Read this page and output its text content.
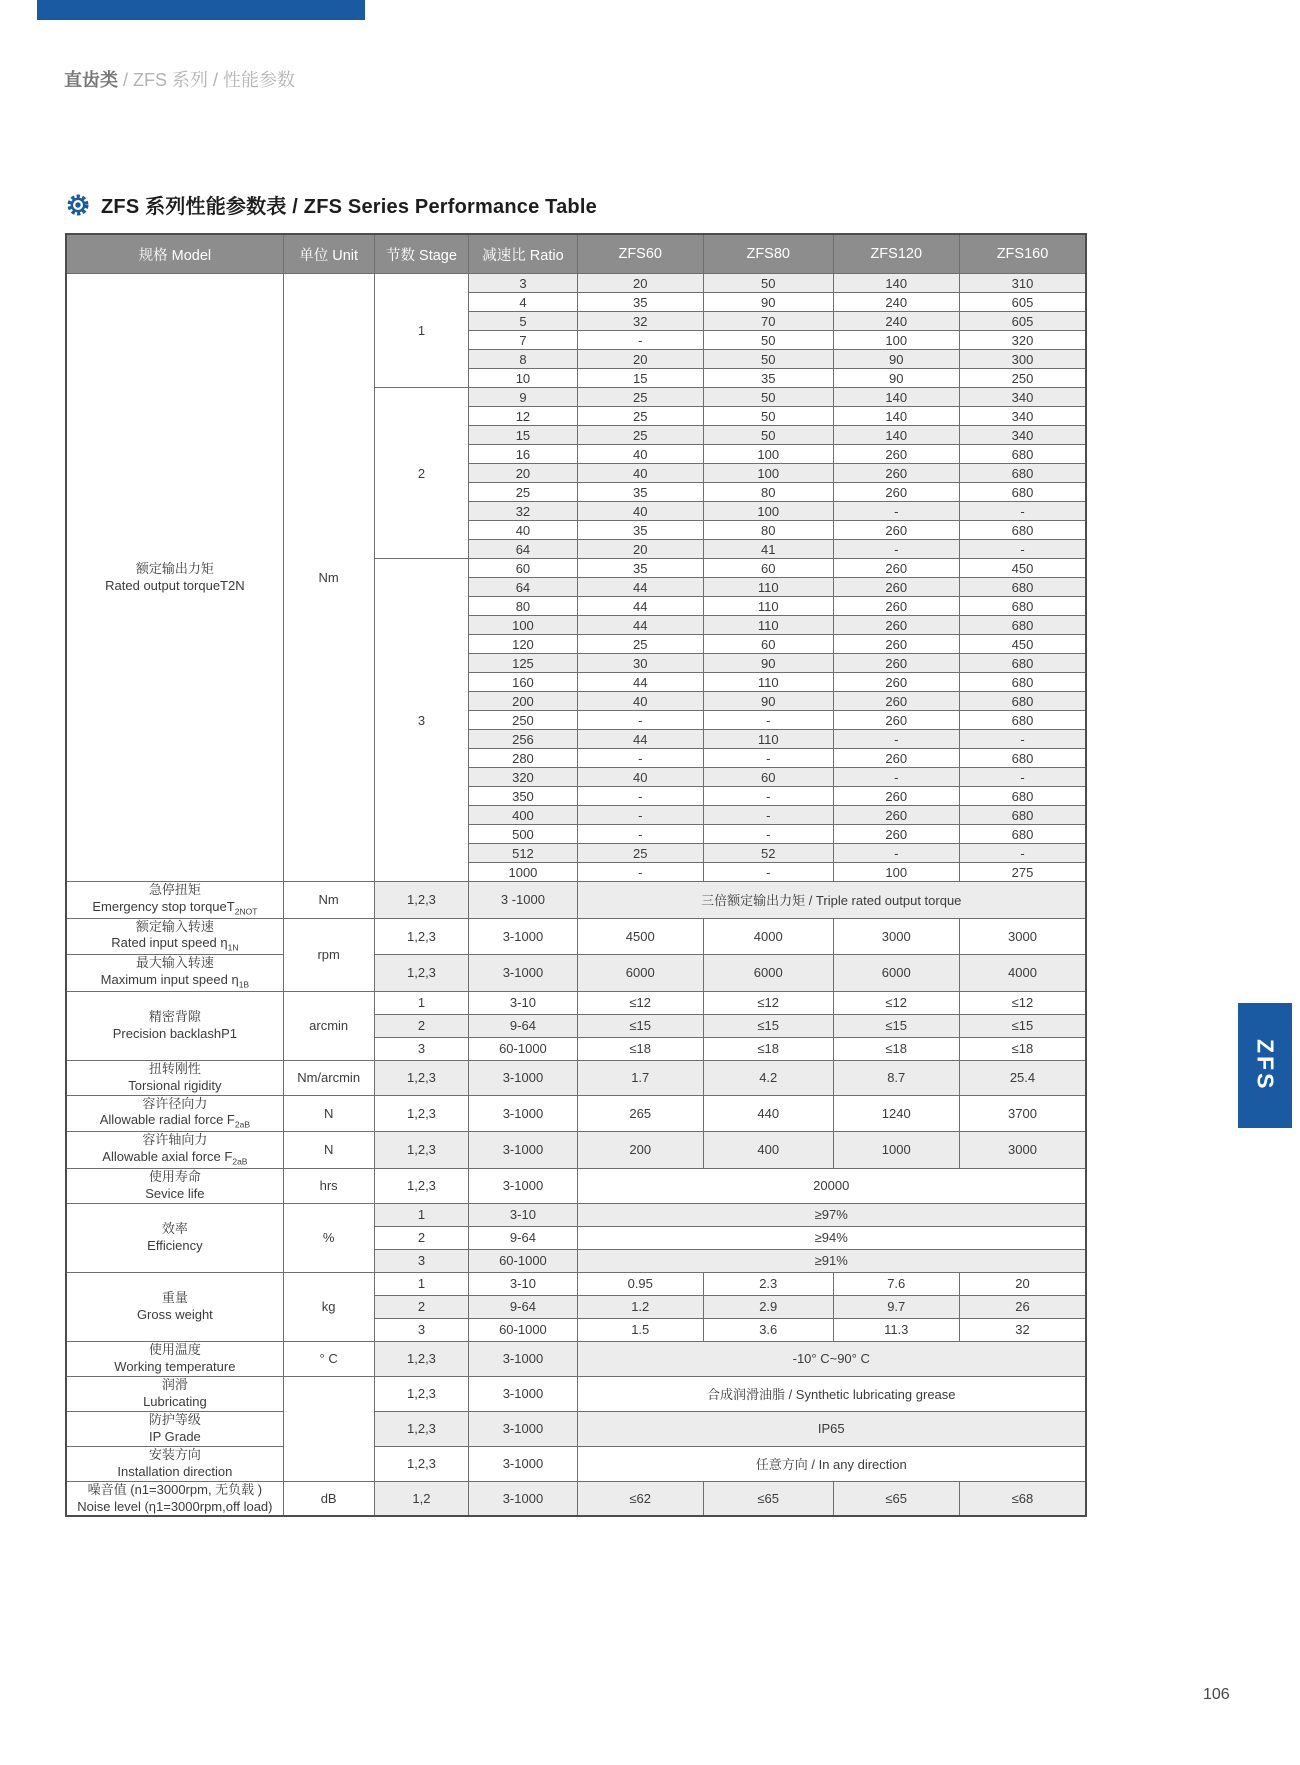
直齿类 / ZFS 系列 / 性能参数
ZFS 系列性能参数表 / ZFS Series Performance Table
规格 Model	单位 Unit	节数 Stage	减速比 Ratio	ZFS60	ZFS80	ZFS120	ZFS160

额定输出力矩
Rated output torqueT2N	Nm	1	3	20	50	140	310
			4	35	90	240	605
			5	32	70	240	605
			7	-	50	100	320
			8	20	50	90	300
			10	15	35	90	250
		2	9	25	50	140	340
			12	25	50	140	340
			15	25	50	140	340
			16	40	100	260	680
			20	40	100	260	680
			25	35	80	260	680
			32	40	100	-	-
			40	35	80	260	680
			64	20	41	-	-
		3	60	35	60	260	450
			64	44	110	260	680
			80	44	110	260	680
			100	44	110	260	680
			120	25	60	260	450
			125	30	90	260	680
			160	44	110	260	680
			200	40	90	260	680
			250	-	-	260	680
			256	44	110	-	-
			280	-	-	260	680
			320	40	60	-	-
			350	-	-	260	680
			400	-	-	260	680
			500	-	-	260	680
			512	25	52	-	-
			1000	-	-	100	275

急停扭矩
Emergency stop torqueT$_{2NOT}$	Nm	1,2,3	3 -1000	三倍额定输出力矩 / Triple rated output torque			

额定输入转速
Rated input speed $\eta_{1N}$	rpm	1,2,3	3-1000	4500	4000	3000	3000

最大输入转速
Maximum input speed $\eta_{1B}$		1,2,3	3-1000	6000	6000	6000	4000

精密背隙
Precision backlashP1	arcmin	1	3-10	≤12	≤12	≤12	≤12
		2	9-64	≤15	≤15	≤15	≤15
		3	60-1000	≤18	≤18	≤18	≤18

扭转刚性
Torsional rigidity	Nm/arcmin	1,2,3	3-1000	1.7	4.2	8.7	25.4

容许径向力
Allowable radial force $F_{2aB}$	N	1,2,3	3-1000	265	440	1240	3700

容许轴向力
Allowable axial force $F_{2aB}$	N	1,2,3	3-1000	200	400	1000	3000

使用寿命
Sevice life	hrs	1,2,3	3-1000	20000			

效率
Efficiency	%	1	3-10	≥97%			
		2	9-64	≥94%			
		3	60-1000	≥91%			

重量
Gross weight	kg	1	3-10	0.95	2.3	7.6	20
		2	9-64	1.2	2.9	9.7	26
		3	60-1000	1.5	3.6	11.3	32

使用温度
Working temperature	° C	1,2,3	3-1000	-10° C~90° C			

润滑
Lubricating		1,2,3	3-1000	合成润滑油脂 / Synthetic lubricating grease			

防护等级
IP Grade		1,2,3	3-1000	IP65			

安装方向
Installation direction		1,2,3	3-1000	任意方向 / In any direction			

噪音值 (n1=3000rpm, 无负载 )
Noise level (η1=3000rpm,off load)	dB	1,2	3-1000	≤62	≤65	≤65	≤68
ZFS
106
